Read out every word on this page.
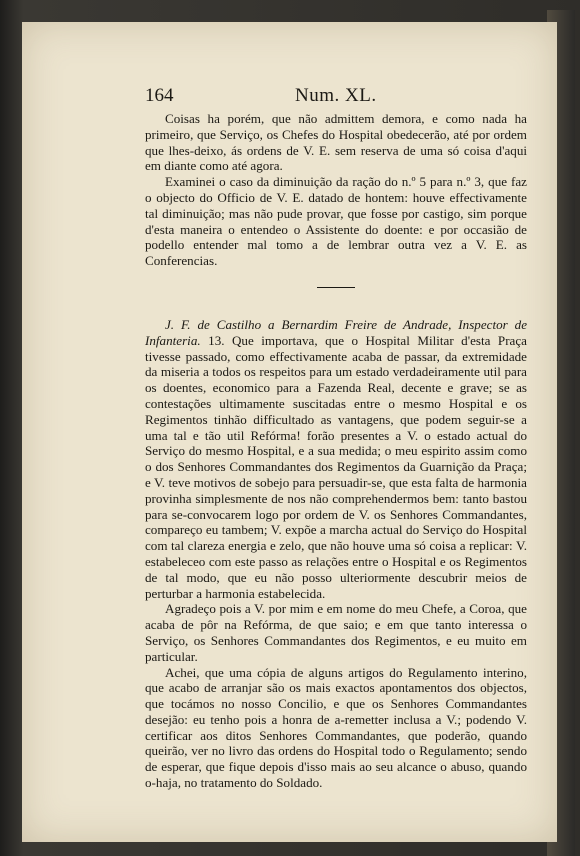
164	Num. XL.

Coisas ha porém, que não admittem demora, e como nada ha primeiro, que Serviço, os Chefes do Hospital obedecerão, até por ordem que lhes-deixo, ás ordens de V. E. sem reserva de uma só coisa d'aqui em diante como até agora.

Examinei o caso da diminuição da ração do n.º 5 para n.º 3, que faz o objecto do Officio de V. E. datado de hontem: houve effectivamente tal diminuição; mas não pude provar, que fosse por castigo, sim porque d'esta maneira o entendeo o Assistente do doente: e por occasião de podello entender mal tomo a de lembrar outra vez a V. E. as Conferencias.

J. F. de Castilho a Bernardim Freire de Andrade, Inspector de Infanteria. 13. Que importava, que o Hospital Militar d'esta Praça tivesse passado, como effectivamente acaba de passar, da extremidade da miseria a todos os respeitos para um estado verdadeiramente util para os doentes, economico para a Fazenda Real, decente e grave; se as contestações ultimamente suscitadas entre o mesmo Hospital e os Regimentos tinhão difficultado as vantagens, que podem seguir-se a uma tal e tão util Refórma! forão presentes a V. o estado actual do Serviço do mesmo Hospital, e a sua medida; o meu espirito assim como o dos Senhores Commandantes dos Regimentos da Guarnição da Praça; e V. teve motivos de sobejo para persuadir-se, que esta falta de harmonia provinha simplesmente de nos não comprehendermos bem: tanto bastou para se-convocarem logo por ordem de V. os Senhores Commandantes, compareço eu tambem; V. expõe a marcha actual do Serviço do Hospital com tal clareza energia e zelo, que não houve uma só coisa a replicar: V. estabeleceo com este passo as relações entre o Hospital e os Regimentos de tal modo, que eu não posso ulteriormente descubrir meios de perturbar a harmonia estabelecida.

Agradeço pois a V. por mim e em nome do meu Chefe, a Coroa, que acaba de pôr na Refórma, de que saio; e em que tanto interessa o Serviço, os Senhores Commandantes dos Regimentos, e eu muito em particular.

Achei, que uma cópia de alguns artigos do Regulamento interino, que acabo de arranjar são os mais exactos apontamentos dos objectos, que tocámos no nosso Concilio, e que os Senhores Commandantes desejão: eu tenho pois a honra de a-remetter inclusa a V.; podendo V. certificar aos ditos Senhores Commandantes, que poderão, quando queirão, ver no livro das ordens do Hospital todo o Regulamento; sendo de esperar, que fique depois d'isso mais ao seu alcance o abuso, quando o-haja, no tratamento do Soldado.
